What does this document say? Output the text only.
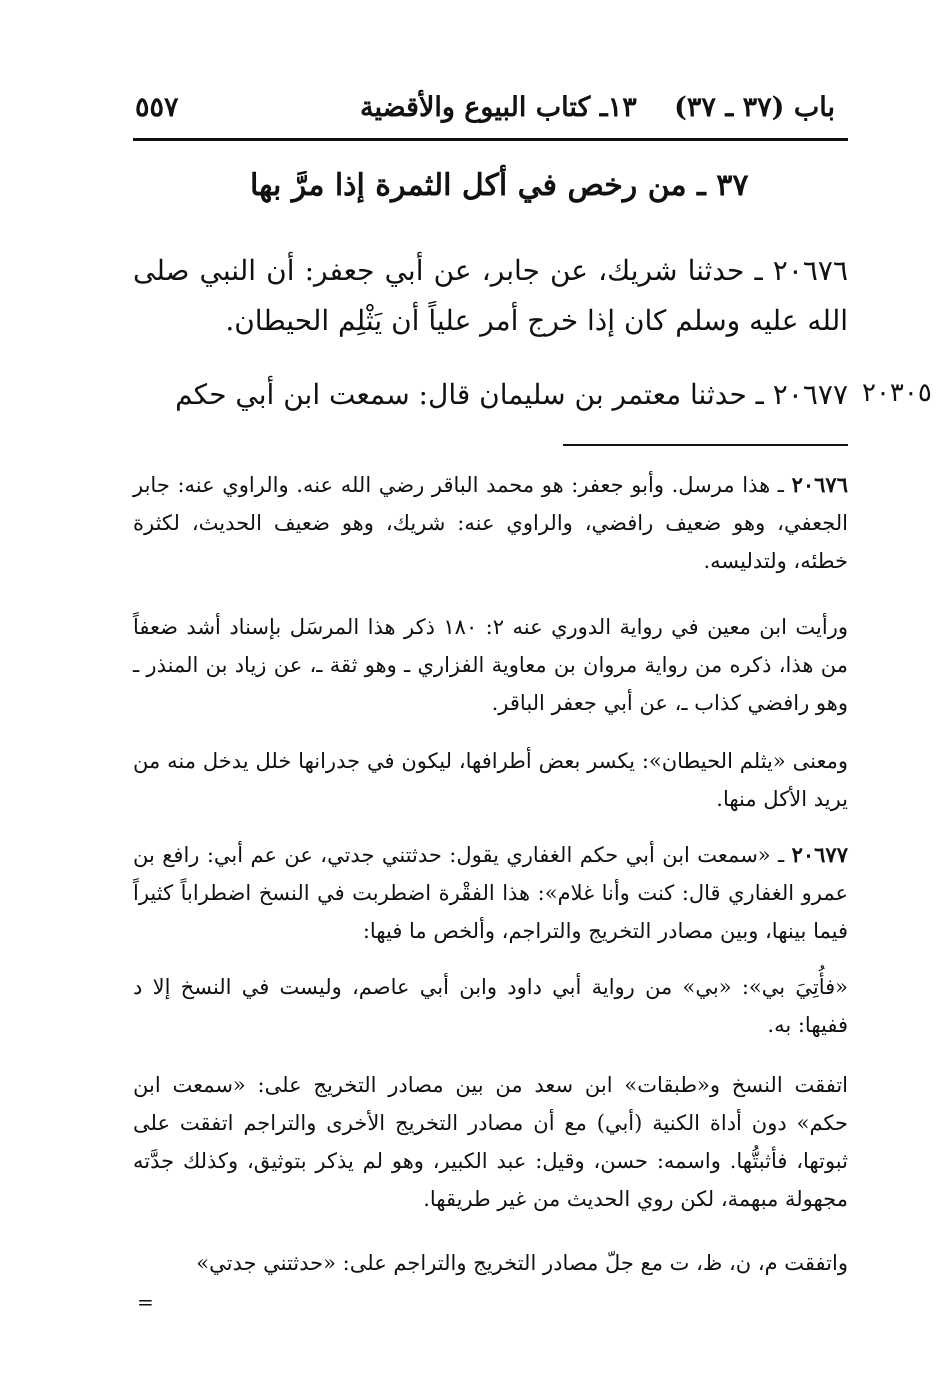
باب (٣٧ ـ ٣٧)
١٣ـ كتاب البيوع والأقضية
٥٥٧
٣٧ ـ من رخص في أكل الثمرة إذا مرَّ بها
٢٠٦٧٦ ـ حدثنا شريك، عن جابر، عن أبي جعفر: أن النبي صلى الله عليه وسلم كان إذا خرج أمر علياً أن يَثْلِم الحيطان.
٢٠٦٧٧ ـ حدثنا معتمر بن سليمان قال: سمعت ابن أبي حكم ٢٠٣٠٥
٢٠٦٧٦ ـ هذا مرسل. وأبو جعفر: هو محمد الباقر رضي الله عنه. والراوي عنه: جابر الجعفي، وهو ضعيف رافضي، والراوي عنه: شريك، وهو ضعيف الحديث، لكثرة خطئه، ولتدليسه.
ورأيت ابن معين في رواية الدوري عنه ٢: ١٨٠ ذكر هذا المرسَل بإسناد أشد ضعفاً من هذا، ذكره من رواية مروان بن معاوية الفزاري ـ وهو ثقة ـ، عن زياد بن المنذر ـ وهو رافضي كذاب ـ، عن أبي جعفر الباقر.
ومعنى «يثلم الحيطان»: يكسر بعض أطرافها، ليكون في جدرانها خلل يدخل منه من يريد الأكل منها.
٢٠٦٧٧ ـ «سمعت ابن أبي حكم الغفاري يقول: حدثتني جدتي، عن عم أبي: رافع بن عمرو الغفاري قال: كنت وأنا غلام»: هذا الفقْرة اضطربت في النسخ اضطراباً كثيراً فيما بينها، وبين مصادر التخريج والتراجم، وألخص ما فيها:
«فأُتِيَ بي»: «بي» من رواية أبي داود وابن أبي عاصم، وليست في النسخ إلا د ففيها: به.
اتفقت النسخ و«طبقات» ابن سعد من بين مصادر التخريج على: «سمعت ابن حكم» دون أداة الكنية (أبي) مع أن مصادر التخريج الأخرى والتراجم اتفقت على ثبوتها، فأثبتُّها. واسمه: حسن، وقيل: عبد الكبير، وهو لم يذكر بتوثيق، وكذلك جدَّته مجهولة مبهمة، لكن روي الحديث من غير طريقها.
واتفقت م، ن، ظ، ت مع جلّ مصادر التخريج والتراجم على: «حدثتني جدتي»
=
